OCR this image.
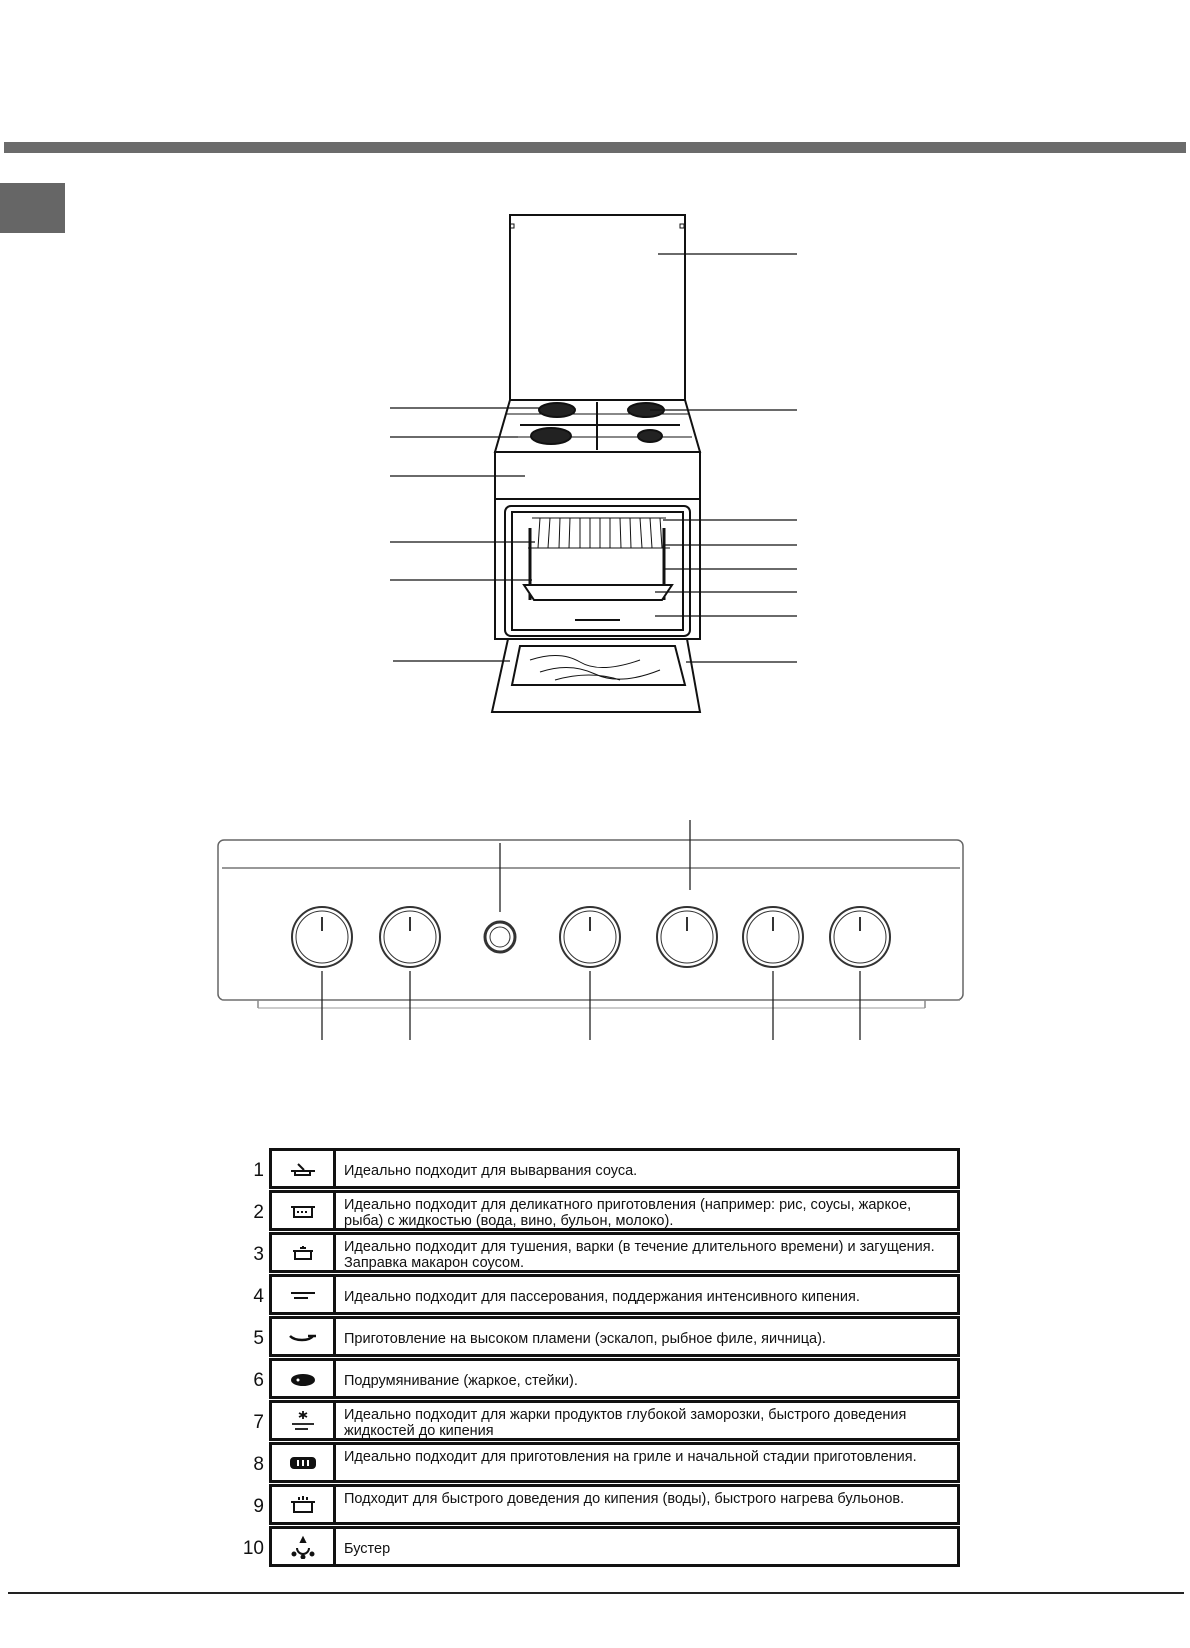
1	Идеально подходит для выварвания соуса.
2	Идеально подходит для деликатного приготовления (например: рис, соусы, жаркое, рыба) с жидкостью (вода, вино, бульон, молоко).
3	Идеально подходит для тушения, варки (в течение длительного времени) и загущения. Заправка макарон соусом.
4	Идеально подходит для пассерования, поддержания интенсивного кипения.
5	Приготовление на высоком пламени (эскалоп, рыбное филе, яичница).
6	Подрумянивание (жаркое, стейки).
7	Идеально подходит для жарки продуктов глубокой заморозки, быстрого доведения жидкостей до кипения
8	Идеально подходит для приготовления на гриле и начальной стадии приготовления.
9	Подходит для быстрого доведения до кипения (воды), быстрого нагрева бульонов.
10	Бустер
